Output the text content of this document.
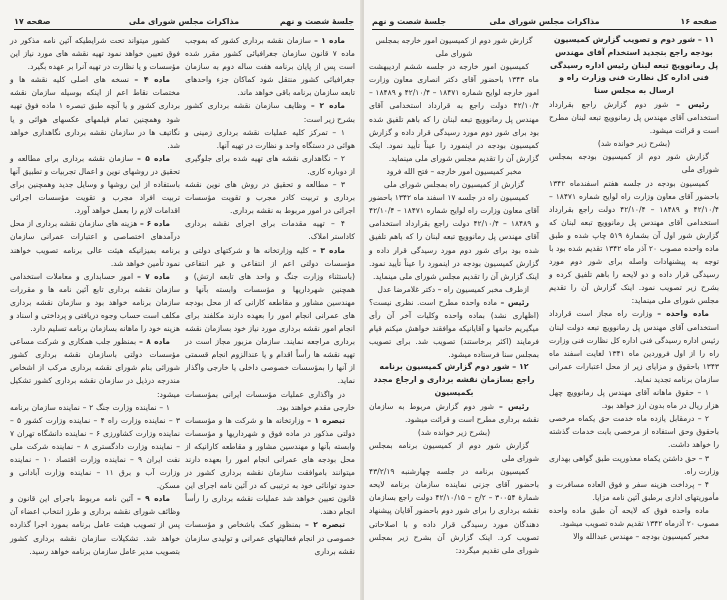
جلسهٔ شصت و نهم
مذاکرات مجلس شورای ملی
صفحه ۱۷

ماده ۱ – سازمان نقشه برداری کشور که بموجب ماده ۷ قانون سازمان جغرافیائی کشور مقرر شده است پس از پایان برنامه هفت ساله دوم به سازمان جغرافیائی کشور منتقل شود کماکان جزء واحدهای تابعه سازمان برنامه باقی خواهد ماند.

ماده ۲ – وظایف سازمان نقشه برداری کشور بشرح زیر است:

۱ – تمرکز کلیه عملیات نقشه برداری زمینی و هوائی در دستگاه واحد و نظارت در تهیه آنها.

۲ – نگاهداری نقشه های تهیه شده برای جلوگیری از دوباره کاری.

۳ – مطالعه و تحقیق در روش های نوین نقشه برداری و تربیت کادر مجرب و تقویت مؤسسات اجرائی در امور مربوط به نقشه برداری.

۴ – تهیه مقدمات برای اجرای نقشه برداری کاداستر املاک.

ماده ۳ – کلیه وزارتخانه ها و شرکتهای دولتی و مؤسسات دولتی اعم از انتفاعی و غیر انتفاعی (باستثناء وزارت جنگ و واحد های تابعه ارتش) و همچنین شهرداریها و مؤسسات وابسته بآنها و مهندسین مشاور و مقاطعه کارانی که از محل بودجه های عمرانی انجام امور را بعهده دارند مکلفند برای انجام امور نقشه برداری مورد نیاز خود بسازمان نقشه برداری مراجعه نمایند. سازمان مزبور مجاز است در تهیه نقشه ها رأساً اقدام و یا عندالزوم انجام قسمتی از آنها را بمؤسسات خصوصی داخلی یا خارجی واگذار نماید.

در واگذاری عملیات مؤسسات ایرانی بمؤسسات خارجی مقدم خواهند بود.

تبصره ۱ – وزارتخانه ها و شرکت ها و مؤسسات دولتی مذکور در ماده فوق و شهرداریها و مؤسسات وابسته بآنها و مهندسین مشاور و مقاطعه کارانیکه از محل بودجه های عمرانی انجام امور را بعهده دارند میتوانند باموافقت سازمان نقشه برداری کشور در حدود توانائی خود به ترتیبی که در آئین نامه اجرای این قانون تعیین خواهد شد عملیات نقشه برداری را رأساً انجام دهند.

تبصره ۲ – بمنظور کمک باشخاص و مؤسسات خصوصی در انجام فعالیتهای عمرانی و تولیدی سازمان نقشه برداری

کشور میتواند تحت شرایطیکه آئین نامه مذکور در فوق تعیین خواهد نمود تهیه نقشه های مورد نیاز این مؤسسات و یا نظارت در تهیه آنرا بر عهده بگیرد.

ماده ۴ – نسخه های اصلی کلیه نقشه ها و مختصات نقاط اعم از اینکه بوسیله سازمان نقشه برداری کشور و یا آنچه طبق تبصره ۱ ماده فوق تهیه شود وهمچنین تمام فیلمهای عکسهای هوائی و یا نگاتیف ها در سازمان نقشه برداری نگاهداری خواهد شد.

ماده ۵ – سازمان نقشه برداری برای مطالعه و تحقیق در روشهای نوین و اعمال تجربیات و تطبیق آنها باستفاده از این روشها و وسایل جدید وهمچنین برای تربیت افراد مجرب و تقویت مؤسسات اجرائی اقدامات لازم را بعمل خواهد آورد.

ماده ۶ – هزینه های سازمان نقشه برداری از محل درآمدهای اختصاصی و اعتبارات عمرانی سازمان برنامه بمیزانیکه هیئت عالی برنامه تصویب خواهند نمود تأمین خواهد شد.

ماده ۷ – امور حسابداری و معاملات استخدامی سازمان نقشه برداری تابع آئین نامه ها و مقررات سازمان برنامه خواهد بود و سازمان نقشه برداری مکلف است حساب وجوه دریافتی و پرداختی و اسناد و هزینه خود را ماهانه بسازمان برنامه تسلیم دارد.

ماده ۸ – بمنظور جلب همکاری و شرکت مساعی مؤسسات دولتی باسازمان نقشه برداری کشور شورائی بنام شورای نقشه برداری مرکب از اشخاص مندرجه درذیل در سازمان نقشه برداری کشور تشکیل میشود:

۱ – نماینده وزارت جنگ ۲ – نماینده سازمان برنامه ۳ – نماینده وزارت راه ۴ – نماینده وزارت کشور ۵ – نماینده وزارت کشاورزی ۶ – نماینده دانشگاه تهران ۷ – نماینده وزارت دادگستری ۸ – نماینده شرکت ملی نفت ایران ۹ – نماینده وزارت اقتصاد ۱۰ – نماینده وزارت آب و برق ۱۱ – نماینده وزارت آبادانی و مسکن.

ماده ۹ – آئین نامه مربوط باجرای این قانون و وظائف شورای نقشه برداری و طرز انتخاب اعضاء آن پس از تصویب هیئت عامل برنامه بمورد اجرا گذارده خواهد شد. تشکیلات سازمان نقشه برداری کشور بتصویب مدیر عامل سازمان برنامه خواهد رسید.

صفحه ۱۶
مذاکرات مجلس شورای ملی
جلسهٔ شصت و نهم

۱۱ – شور دوم و تصویب گزارش کمیسیون بودجه راجع بتجدید استخدام آقای مهندس پل رمانوویچ تبعه لبنان رئیس اداره رسیدگی فنی اداره کل نظارت فنی وزارت راه و ارسال به مجلس سنا

رئیس – شور دوم گزارش راجع بقرارداد استخدامی آقای مهندس پل رمانوویچ تبعه لبنان مطرح است و قرائت میشود.

(بشرح زیر خوانده شد)

گزارش شور دوم از کمیسیون بودجه بمجلس شورای ملی

کمیسیون بودجه در جلسه هفتم اسفندماه ۱۳۴۲ باحضور آقای معاون وزارت راه لوایح شماره ۱۸۴۷۱ – ۴۲/۱۰/۴ و ۱۸۴۸۹ – ۴۲/۱۰/۴ دولت راجع بقرارداد استخدامی آقای مهندس پل رمانوویچ تبعه لبنان که گزارش شور اول آن بشمارهٔ ۵۱۹ چاپ شده و طبق ماده واحده مصوب ۲۰ آذر ماه ۱۳۴۲ تقدیم شده بود با توجه به پیشنهادات واصله برای شور دوم مورد رسیدگی قرار داده و دو لایحه را باهم تلفیق کرده و بشرح زیر تصویب نمود. اینک گزارش آن را تقدیم مجلس شورای ملی مینماید:

ماده واحده – وزارت راه مجاز است قرارداد استخدامی آقای مهندس پل رمانوویچ تبعه دولت لبنان رئیس اداره رسیدگی فنی اداره کل نظارت فنی وزارت راه را از اول فروردین ماه ۱۳۴۱ لغایت اسفند ماه ۱۳۴۳ باحقوق و مزایای زیر از محل اعتبارات عمرانی سازمان برنامه تجدید نماید.

۱ – حقوق ماهانه آقای مهندس پل رمانوویچ چهل هزار ریال در ماه بدون ارز خواهد بود.

۲ – درمقابل یازده ماه خدمت حق یکماه مرخصی باحقوق وحق استفاده از مرخصی بابت خدمات گذشته را خواهد داشت.

۳ – حق داشتن یکماه معذوریت طبق گواهی بهداری وزارت راه.

۴ – پرداخت هزینه سفر و فوق العاده مسافرت و مأموریتهای اداری برطبق آئین نامه مزایا.

ماده واحده فوق که لایحه آن طبق ماده واحده مصوب ۲۰ آذرماه ۱۳۴۲ تقدیم شده تصویب میشود.

مخبر کمیسیون بودجه – مهندس عبدالله والا

گزارش شور دوم از کمیسیون امور خارجه بمجلس شورای ملی

کمیسیون امور خارجه در جلسه ششم اردیبهشت ماه ۱۳۴۳ باحضور آقای دکتر انصاری معاون وزارت امور خارجه لوایح شماره ۱۸۴۷۱ – ۴۲/۱۰/۴ و ۱۸۴۸۹ – ۴۲/۱۰/۴ دولت راجع به قرارداد استخدامی آقای مهندس پل رمانوویچ تبعه لبنان را که باهم تلفیق شده بود برای شور دوم مورد رسیدگی قرار داده و گزارش کمیسیون بودجه در اینمورد را عیناً تأیید نمود. اینک گزارش آن را تقدیم مجلس شورای ملی مینماید.

مخبر کمیسیون امور خارجه – فتح الله فرود

گزارش از کمیسیون راه بمجلس شورای ملی

کمیسیون راه در جلسه ۱۷ اسفند ماه ۱۳۴۲ باحضور آقای معاون وزارت راه لوایح شماره ۱۸۴۷۱ – ۴۲/۱۰/۴ و ۱۸۴۸۹ – ۴۲/۱۰/۴ دولت راجع بقرارداد استخدامی آقای مهندس پل رمانوویچ تبعه لبنان را که باهم تلفیق شده بود برای شور دوم مورد رسیدگی قرار داده و گزارش کمیسیون بودجه در اینمورد را عیناً تأیید نمود. اینک گزارش آن را تقدیم مجلس شورای ملی مینماید.

ازطرف مخبر کمیسیون راه – دکتر غلامرضا عدل

رئیس – ماده واحده مطرح است. نظری نیست؟ (اظهاری نشد) بماده واحده وکلیات آخر آن رأی میگیریم خانمها و آقایانیکه موافقند خواهش میکنم قیام فرمایند (اکثر برخاستند) تصویب شد. برای تصویب بمجلس سنا فرستاده میشود.

۱۲ – شور دوم گزارش کمیسیون برنامه راجع بسازمان نقشه برداری و ارجاع مجدد بکمیسیون

رئیس – شور دوم گزارش مربوط به سازمان نقشه برداری مطرح است و قرائت میشود.

(بشرح زیر خوانده شد)

گزارش شور دوم از کمیسیون برنامه بمجلس شورای ملی

کمیسیون برنامه در جلسه چهارشنبه ۴۳/۲/۱۹ باحضور آقای جزنی نماینده سازمان برنامه لایحه شمارهٔ ۳۰۰۵۴ – ۲/ج – ۴۲/۱۰/۱۵ دولت راجع بسازمان نقشه برداری را برای شور دوم باحضور آقایان پیشنهاد دهندگان مورد رسیدگی قرار داده و با اصلاحاتی تصویب کرد. اینک گزارش آن بشرح زیر بمجلس شورای ملی تقدیم میگردد:
